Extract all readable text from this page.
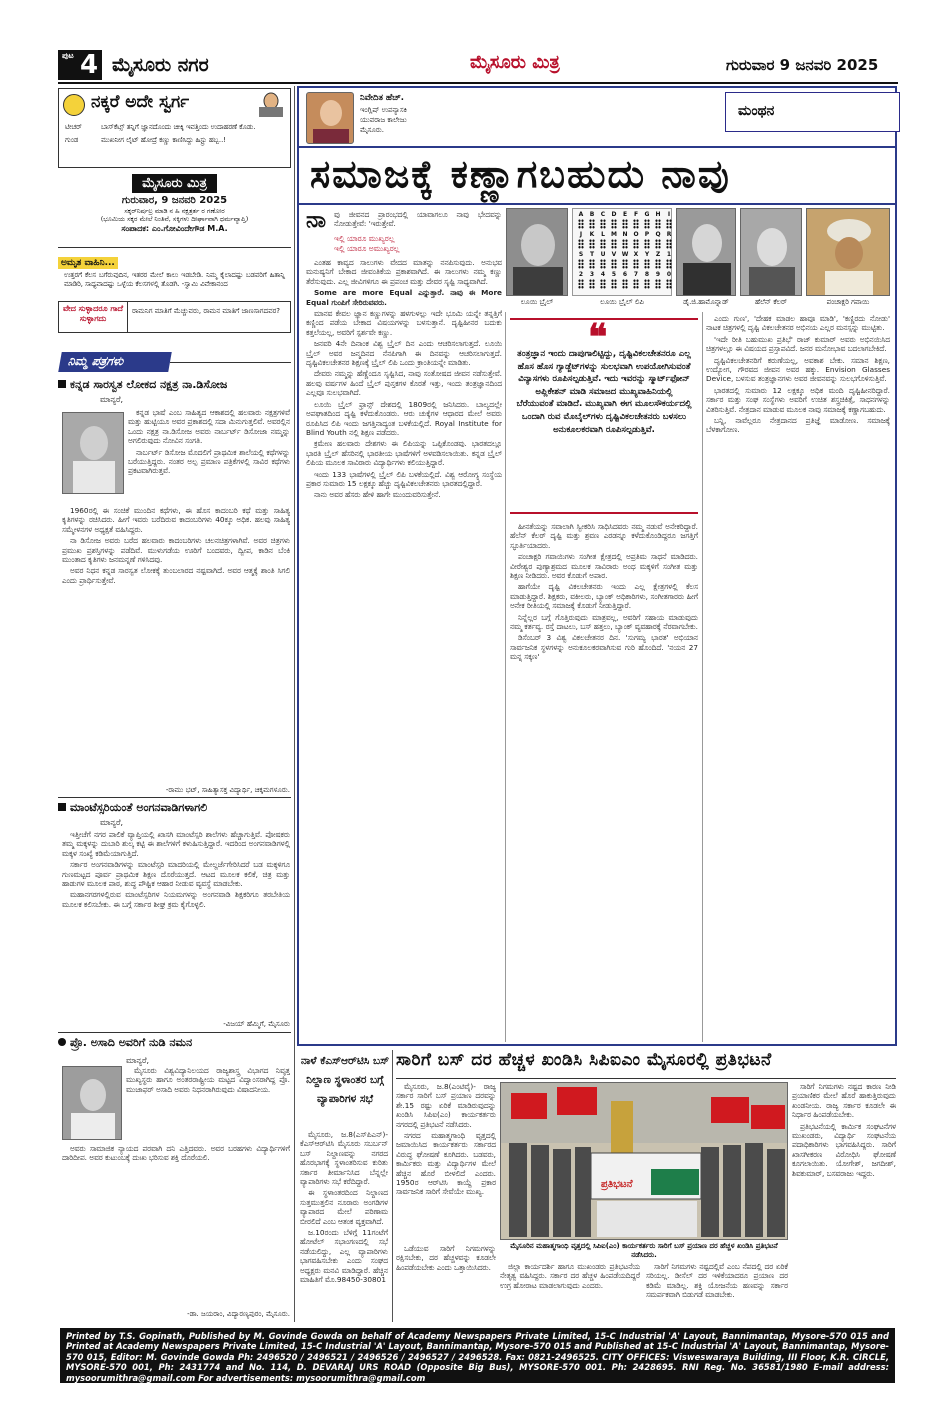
ಪುಟ 4 ಮೈಸೂರು ನಗರ	ಮೈಸೂರು ಮಿತ್ರ	ಗುರುವಾರ 9 ಜನವರಿ 2025
ನಕ್ಕರೆ ಅದೇ ಸ್ವರ್ಗ
ಟೀಚರ್	ಬಾಸ್‌ಕೆಟ್ಸ್‌ ತನ್ನಿಗೆ ಜ್ಞಾನದೊಂದು ಚೀಕ್ಕಿ ಇವತ್ತಿಂದು ಉದಾಹರಣೆ ಕೊಡು.
ಗುಂಡ	ಮುಖನೀಗ ಲೈಟ್ ಹೋದ್ರೆ ಕಣ್ಣು ಕಾಣಿಸಿದ್ದು ಹಿಸ್ಟ್ರು ಹಬ್ಬ..!
ಮೈಸೂರು ಮಿತ್ರ
ಗುರುವಾರ, 9 ಜನವರಿ 2025
ಸಕ್ಕರ್‌ನಿರ್ಷಲ್ರ ಮಾಡಿ ನ ಹಿ ನಕ್ಷತ್ರರ್ತ ರ ಗಣೋರ
(ಭೂಮಿಯ ಸಕ್ಕರ ಮೇಲೆ ನಿಂತಿವೆ, ಸಕ್ಕಿಗಳು ದೀರ್ಘಾವಾಗಿ ಧರ್ಮವ್ಯಾಪ್ತಿ)
ಸಂಪಾದಕ: ಎಂ.ಗೋವಿಂದೇಗೌಡ M.A.
ಅಮೃತ ವಾಹಿನಿ...
ಉತ್ತರಗೆ ಕೆಲಸ ಬಗೆರುವುದಿನ, ಇತರರ ಮೇಲೆ ಕಾಲು ಇಡಬೇಡಿ. ನಿಮ್ಮ ಕೈಲಾದಷ್ಟು ಬಡವರಿಗೆ ಹಿತಾನ್ನಿ ಮಾಡಿರಿ, ಸಾಧ್ಯವಾದಷ್ಟು ಒಳ್ಳೆಯ ಕೆಲಸಗಳಲ್ಲಿ ತೊಡಗಿ. -ಸ್ವಾಮಿ ವಿವೇಕಾನಂದ
ವೇದ ಸುಳ್ಳಾದರೂ ಗಾದೆ ಸುಳ್ಳಾಗದು
ರಾಮನಿಗ ಮಾತಿಗೆ ಮೆಚ್ಚುವರು, ರಾಮನ ಮಾತಿಗೆ ಜಾಣಸಾಗದವರ?
ನಿಮ್ಮ ಪತ್ರಗಳು
ಕನ್ನಡ ಸಾರಸ್ವತ ಲೋಕದ ನಕ್ಷತ್ರ ನಾ.ಡಿಸೋಜ
ಮಾನ್ಯರೆ,

ಕನ್ನಡ ಭಾಷೆ ಎಂಬ ಸಾಹಿತ್ಯದ ಆಕಾಶದಲ್ಲಿ ಹಲವಾರು ನಕ್ಷತ್ರಗಳಿವೆ ಮತ್ತು ಹುಟ್ಟಿಯೂ ಅವರ ಪ್ರಕಾಶದಲ್ಲಿ ಸದಾ ಮಿನುಗುತ್ತಲಿವೆ. ಅವರಲ್ಲಿನ ಒಂದು ನಕ್ಷತ್ರ ನಾ.ಡಿಸೋಜ ಅವರು ನಾರ್ಬರ್ಟ್ ಡಿಸೋಜಾ ನಮ್ಮನ್ನು ಅಗಲಿರುವುದು ನೋವಿನ ಸಂಗತಿ.

ನಾರ್ಬರ್ಟ್ ಡಿಸೋಜ ಮೊದಲಿಗೆ ಪ್ರಾಥಮಿಕ ಶಾಲೆಯಲ್ಲಿ ಕಥೆಗಳನ್ನು ಬರೆಯುತ್ತಿದ್ದರು. ನಂತರ ಅಲ್ಪ ಪ್ರಮಾಣ ಪತ್ರಿಕೆಗಳಲ್ಲಿ ಸಾವಿರ ಕಥೆಗಳು ಪ್ರಕಟವಾಗಿರುತ್ತವೆ.

1960ರಲ್ಲಿ ಈ ಸಂಚಿಕೆ ಮುಂದಿನ ಕಥೆಗಳು, ಈ ಹೊಸ ಕಾದಂಬರಿ ಕಥೆ ಮತ್ತು ಸಾಹಿತ್ಯ ಕೃತಿಗಳನ್ನು ರಚಿಸಿದರು. ಹೀಗೆ ಇವರು ಬರೆದಿರುವ ಕಾದಂಬರಿಗಳು 40ಕ್ಕೂ ಅಧಿಕ. ಹಲವು ಸಾಹಿತ್ಯ ಸಮ್ಮೇಳನಗಳ ಅಧ್ಯಕ್ಷತೆ ವಹಿಸಿದ್ದರು.

ನಾ ಡಿಸೋಜ ಅವರು ಬರೆದ ಹಲವಾರು ಕಾದಂಬರಿಗಳು ಚಲನಚಿತ್ರಗಳಾಗಿವೆ. ಅವರ ಚಿತ್ರಗಳು ಪ್ರಮುಖ ಪ್ರಶಸ್ತಿಗಳನ್ನು ಪಡೆದಿವೆ. ಮುಳುಗಡೆಯ ಊರಿಗೆ ಬಂದವರು, ದ್ವೀಪ, ಕಾಡಿನ ಬೆಂಕಿ ಮುಂತಾದ ಕೃತಿಗಳು ಜನಮನ್ನಣೆ ಗಳಿಸಿದವು.

ಅವರ ನಿಧನ ಕನ್ನಡ ಸಾರಸ್ವತ ಲೋಕಕ್ಕೆ ತುಂಬಲಾರದ ನಷ್ಟವಾಗಿದೆ. ಅವರ ಆತ್ಮಕ್ಕೆ ಶಾಂತಿ ಸಿಗಲಿ ಎಂದು ಪ್ರಾರ್ಥಿಸುತ್ತೇವೆ.

-ರಾಮು ಭಟ್, ಸಾಹಿತ್ಯಾಸಕ್ತ ವಿದ್ಯಾರ್ಥಿ, ಚಿಕ್ಕಮಗಳೂರು.
ಮಾಂಟೆಸ್ಸರಿಯಂತೆ ಅಂಗನವಾಡಿಗಳಾಗಲಿ
ಮಾನ್ಯರೆ,

ಇತ್ತೀಚೆಗೆ ನಗರ ಪಾಲಿಕೆ ವ್ಯಾಪ್ತಿಯಲ್ಲಿ ಖಾಸಗಿ ಮಾಂಟೆಸ್ಸರಿ ಶಾಲೆಗಳು ಹೆಚ್ಚಾಗುತ್ತಿವೆ. ಪೋಷಕರು ತಮ್ಮ ಮಕ್ಕಳನ್ನು ದುಬಾರಿ ಶುಲ್ಕ ಕಟ್ಟಿ ಈ ಶಾಲೆಗಳಿಗೆ ಕಳುಹಿಸುತ್ತಿದ್ದಾರೆ. ಇದರಿಂದ ಅಂಗನವಾಡಿಗಳಲ್ಲಿ ಮಕ್ಕಳ ಸಂಖ್ಯೆ ಕಡಿಮೆಯಾಗುತ್ತಿದೆ.

ಸರ್ಕಾರ ಅಂಗನವಾಡಿಗಳನ್ನು ಮಾಂಟೆಸ್ಸರಿ ಮಾದರಿಯಲ್ಲಿ ಮೇಲ್ದರ್ಜೆಗೇರಿಸಿದರೆ ಬಡ ಮಕ್ಕಳಿಗೂ ಗುಣಮಟ್ಟದ ಪೂರ್ವ ಪ್ರಾಥಮಿಕ ಶಿಕ್ಷಣ ದೊರೆಯುತ್ತದೆ. ಆಟದ ಮೂಲಕ ಕಲಿಕೆ, ಚಿತ್ರ ಮತ್ತು ಹಾಡುಗಳ ಮೂಲಕ ಪಾಠ, ಶುದ್ಧ ಪೌಷ್ಟಿಕ ಆಹಾರ ನೀಡುವ ವ್ಯವಸ್ಥೆ ಮಾಡಬೇಕು.

ಮಹಾನಗರಗಳಲ್ಲಿರುವ ಮಾಂಟೆಸ್ಸರಿಗಳ ನಿಯಮಗಳನ್ನು ಅಂಗನವಾಡಿ ಶಿಕ್ಷಕರಿಗೂ ತರಬೇತಿಯ ಮೂಲಕ ಕಲಿಸಬೇಕು. ಈ ಬಗ್ಗೆ ಸರ್ಕಾರ ಶೀಘ್ರ ಕ್ರಮ ಕೈಗೊಳ್ಳಲಿ.

-ವಿಜಯ್ ಹೆಮ್ಮಿಗೆ, ಮೈಸೂರು
ಪ್ರೊ. ಅಸಾದಿ ಅವರಿಗೆ ನುಡಿ ನಮನ
ಮಾನ್ಯರೆ,

ಮೈಸೂರು ವಿಶ್ವವಿದ್ಯಾನಿಲಯದ ರಾಜ್ಯಶಾಸ್ತ್ರ ವಿಭಾಗದ ನಿವೃತ್ತ ಮುಖ್ಯಸ್ಥರು ಹಾಗೂ ಅಂತರರಾಷ್ಟ್ರೀಯ ಮಟ್ಟದ ವಿದ್ವಾಂಸರಾಗಿದ್ದ ಪ್ರೊ. ಮುಜಾಫರ್ ಅಸಾದಿ ಅವರು ನಿಧನರಾಗಿರುವುದು ವಿಷಾದನೀಯ.

ಅವರು ಸಾಮಾಜಿಕ ನ್ಯಾಯದ ಪರವಾಗಿ ದನಿ ಎತ್ತಿದವರು. ಅವರ ಬರಹಗಳು ವಿದ್ಯಾರ್ಥಿಗಳಿಗೆ ದಾರಿದೀಪ. ಅವರ ಕುಟುಂಬಕ್ಕೆ ದುಃಖ ಭರಿಸುವ ಶಕ್ತಿ ದೊರೆಯಲಿ.

-ಡಾ. ಜಯರಾಂ, ವಿದ್ಯಾರಣ್ಯಪುರಂ, ಮೈಸೂರು.
ನಿವೇದಿತ ಹೆಚ್.
ಇಂಗ್ಲಿಷ್ ಉಪನ್ಯಾಸಕಿ
ಯುವರಾಜ ಕಾಲೇಜು
ಮೈಸೂರು.
ಮಂಥನ
ಸಮಾಜಕ್ಕೆ ಕಣ್ಣಾಗಬಹುದು ನಾವು
ನಾ ವು ಜೀವನದ ಪ್ರಾರಂಭದಲ್ಲಿ ಯಾವಾಗಲೂ ನಾವು ಭೇದವನ್ನು ನೋಡುತ್ತೇವೆ: 'ಇರುತ್ತೇವೆ.
ಇಲ್ಲಿ ಯಾರೂ ಮುಖ್ಯರಲ್ಲ
ಇಲ್ಲಿ ಯಾರೂ ಅಮುಖ್ಯರಲ್ಲ
A	B	C	D	E	F	G	H	I
J	K	L	M N O	P	Q	R
S	T	U	V W X	Y	Z	1
2	3	4	5	6	7	8	9	0
ಲೂಯಿ ಬ್ರೈಲ್	ಲೂಯಿ ಬ್ರೈಲ್ ಲಿಪಿ	ಡೈ.ಜಿ.ಹಾಮೊನ್ನಾಡ್	ಹೆಲೆನ್ ಕೆಲರ್	ಪಂಚಾಕ್ಷರಿ ಗವಾಯಿ

ಎಂತಹ ಕಾವ್ಯದ ಸಾಲುಗಳು ವೇದದ ಮಾತನ್ನು ನನಪಿಸುವುದು. ಅನುಭವ ಮನುಷ್ಯನಿಗೆ ಬೇಕಾದ ಜೀವಂತಿಕೆಯ ಪ್ರಕಾಶವಾಗಿದೆ. ಈ ಸಾಲುಗಳು ನಮ್ಮ ಕಣ್ಣು ತೆರೆಸುವುದು. ಎಲ್ಲ ಜೀವಿಗಳಿಗೂ ಈ ಪ್ರಪಂಚ ಮತ್ತು ದೇವರ ಸೃಷ್ಟಿ ಸಾಧ್ಯವಾಗಿದೆ.

Some are more Equal ಎನ್ನುತ್ತಾರೆ. ನಾವು ಈ More Equal ಗುಂಪಿಗೆ ಸೇರಿರುವವರು.

ಮಾನವ ಕೇವಲ ಜ್ಞಾನ ಕಣ್ಣುಗಳನ್ನು ಹಳಗುಳಲ್ಲು ಇದೇ ಭೂಮಿ ಯನ್ನೇ ತನ್ನತ್ತಿಗೆ ಕಣ್ಣಿಂದ ಪಡೆಯ ಬೇಕಾದ ವಿಷಯಗಳನ್ನು ಬಳಸುತ್ತಾನೆ. ದೃಷ್ಟಿಹೀನರ ಬದುಕು ಕತ್ತಲೆಯಲ್ಲ, ಅವರಿಗೆ ಸ್ಪರ್ಶವೇ ಕಣ್ಣು.

ಜನವರಿ 4ನೇ ದಿನಾಂಕ ವಿಶ್ವ ಬ್ರೈಲ್ ದಿನ ಎಂದು ಆಚರಿಸಲಾಗುತ್ತದೆ. ಲೂಯಿ ಬ್ರೈಲ್ ಅವರ ಜನ್ಮದಿನದ ನೆನಪಿಗಾಗಿ ಈ ದಿನವನ್ನು ಆಚರಿಸಲಾಗುತ್ತದೆ. ದೃಷ್ಟಿವಿಕಲಚೇತನರ ಶಿಕ್ಷಣಕ್ಕೆ ಬ್ರೈಲ್ ಲಿಪಿ ಒಂದು ಕ್ರಾಂತಿಯನ್ನೇ ಮಾಡಿತು.

ದೇವರು ನಮ್ಮನ್ನು ಹೆಣ್ಣೆಂದೂ ಸೃಷ್ಟಿಸಿದ, ನಾವು ಸಂತೋಷದ ಜೀವನ ನಡೆಸುತ್ತೇವೆ. ಹಲವು ವರ್ಷಗಳ ಹಿಂದೆ ಬ್ರೈಲ್ ಪುಸ್ತಕಗಳ ಕೊರತೆ ಇತ್ತು, ಇಂದು ತಂತ್ರಜ್ಞಾನದಿಂದ ಎಲ್ಲವೂ ಸುಲಭವಾಗಿದೆ.

ಲೂಯಿ ಬ್ರೈಲ್ ಫ್ರಾನ್ಸ್ ದೇಶದಲ್ಲಿ 1809ರಲ್ಲಿ ಜನಿಸಿದರು. ಬಾಲ್ಯದಲ್ಲೇ ಅಪಘಾತದಿಂದ ದೃಷ್ಟಿ ಕಳೆದುಕೊಂಡರು. ಆರು ಚುಕ್ಕೆಗಳ ಆಧಾರದ ಮೇಲೆ ಅವರು ರೂಪಿಸಿದ ಲಿಪಿ ಇಂದು ಜಗತ್ತಿನಾದ್ಯಂತ ಬಳಕೆಯಲ್ಲಿದೆ. Royal Institute for Blind Youth ನಲ್ಲಿ ಶಿಕ್ಷಣ ಪಡೆದರು.

ಕ್ರಮೇಣ ಹಲವಾರು ದೇಶಗಳು ಈ ಲಿಪಿಯನ್ನು ಒಪ್ಪಿಕೊಂಡವು. ಭಾರತದಲ್ಲೂ ಭಾರತಿ ಬ್ರೈಲ್ ಹೆಸರಿನಲ್ಲಿ ಭಾರತೀಯ ಭಾಷೆಗಳಿಗೆ ಅಳವಡಿಸಲಾಯಿತು. ಕನ್ನಡ ಬ್ರೈಲ್ ಲಿಪಿಯ ಮೂಲಕ ಸಾವಿರಾರು ವಿದ್ಯಾರ್ಥಿಗಳು ಕಲಿಯುತ್ತಿದ್ದಾರೆ.

ಇಂದು 133 ಭಾಷೆಗಳಲ್ಲಿ ಬ್ರೈಲ್ ಲಿಪಿ ಬಳಕೆಯಲ್ಲಿದೆ. ವಿಶ್ವ ಆರೋಗ್ಯ ಸಂಸ್ಥೆಯ ಪ್ರಕಾರ ಸುಮಾರು 15 ಲಕ್ಷಕ್ಕೂ ಹೆಚ್ಚು ದೃಷ್ಟಿವಿಕಲಚೇತನರು ಭಾರತದಲ್ಲಿದ್ದಾರೆ.

ನಾನು ಅವರ ಹೆಸರು ಹೇಳಿ ಹಾಗೇ ಮುಂದುವರಿಸುತ್ತೇನೆ.

❝
ತಂತ್ರಜ್ಞಾನ ಇಂದು ದಾಪುಗಾಲಿಟ್ಟಿದ್ದು, ದೃಷ್ಟಿವಿಕಲಚೇತನರೂ ಎಲ್ಲ ಹೊಸ ಹೊಸ ಗ್ಯಾಡ್ಜೆಟ್‌ಗಳನ್ನು ಸುಲಭವಾಗಿ ಉಪಯೋಗಿಸುವಂತೆ ವಿನ್ಯಾಸಗಳು ರೂಪಿಸಲ್ಪಡುತ್ತಿವೆ. ಇದು ಇವರನ್ನು ಸ್ಮಾರ್ಟ್‌ಫೋನ್ ಅಪ್ಲಿಕೇಶನ್ ಮಾಡಿ ಸಮಾಜದ ಮುಖ್ಯವಾಹಿನಿಯಲ್ಲಿ ಬೆರೆಯುವಂತೆ ಮಾಡಿದೆ. ಮುಖ್ಯವಾಗಿ ಈಗ ಮೂಲಸೌಕರ್ಯದಲ್ಲಿ ಒಂದಾಗಿ ರುವ ಮೊಬೈಲ್‌ಗಳು ದೃಷ್ಟಿವಿಕಲಚೇತನರು ಬಳಸಲು ಅನುಕೂಲಕರವಾಗಿ ರೂಪಿಸಲ್ಪಡುತ್ತಿವೆ.

ಹೀನತೆಯನ್ನು ಸವಾಲಾಗಿ ಸ್ವೀಕರಿಸಿ ಸಾಧಿಸಿದವರು ನಮ್ಮ ನಡುವೆ ಅನೇಕರಿದ್ದಾರೆ. ಹೆಲೆನ್ ಕೆಲರ್ ದೃಷ್ಟಿ ಮತ್ತು ಶ್ರವಣ ಎರಡನ್ನೂ ಕಳೆದುಕೊಂಡಿದ್ದರೂ ಜಗತ್ತಿಗೆ ಸ್ಫೂರ್ತಿಯಾದರು.

ಪಂಚಾಕ್ಷರಿ ಗವಾಯಿಗಳು ಸಂಗೀತ ಕ್ಷೇತ್ರದಲ್ಲಿ ಅಪ್ರತಿಮ ಸಾಧನೆ ಮಾಡಿದರು. ವೀರೇಶ್ವರ ಪುಣ್ಯಾಶ್ರಮದ ಮೂಲಕ ಸಾವಿರಾರು ಅಂಧ ಮಕ್ಕಳಿಗೆ ಸಂಗೀತ ಮತ್ತು ಶಿಕ್ಷಣ ನೀಡಿದರು. ಅವರ ಕೊಡುಗೆ ಅಪಾರ.

ಹಾಗೆಯೇ ದೃಷ್ಟಿ ವಿಕಲಚೇತನರು ಇಂದು ಎಲ್ಲ ಕ್ಷೇತ್ರಗಳಲ್ಲಿ ಕೆಲಸ ಮಾಡುತ್ತಿದ್ದಾರೆ. ಶಿಕ್ಷಕರು, ವಕೀಲರು, ಬ್ಯಾಂಕ್ ಅಧಿಕಾರಿಗಳು, ಸಂಗೀತಗಾರರು ಹೀಗೆ ಅನೇಕ ರೀತಿಯಲ್ಲಿ ಸಮಾಜಕ್ಕೆ ಕೊಡುಗೆ ನೀಡುತ್ತಿದ್ದಾರೆ.

ನಿನ್ನೆಲ್ಲರ ಬಗ್ಗೆ ಗೊತ್ತಿರುವುದು ಮಾತ್ರವಲ್ಲ, ಅವರಿಗೆ ಸಹಾಯ ಮಾಡುವುದು ನಮ್ಮ ಕರ್ತವ್ಯ. ರಸ್ತೆ ದಾಟಲು, ಬಸ್ ಹತ್ತಲು, ಬ್ಯಾಂಕ್ ವ್ಯವಹಾರಕ್ಕೆ ನೆರವಾಗಬೇಕು.

ಡಿಸೆಂಬರ್ 3 ವಿಶ್ವ ವಿಕಲಚೇತನರ ದಿನ. 'ಸುಗಮ್ಯ ಭಾರತ' ಅಭಿಯಾನ ಸಾರ್ವಜನಿಕ ಸ್ಥಳಗಳನ್ನು ಅನುಕೂಲಕರವಾಗಿಸುವ ಗುರಿ ಹೊಂದಿದೆ. 'ನಯನ 27 ಮನ್ನ ಸಕ್ಕಣ'

ಎಂದು ಗುಣ', 'ದೇಹಕ ಮಾಡಲ ಹಾವೂ ಮಾಡಿ', 'ಕಣ್ಣಿರದು ನೋಡು' ನಾಟಕ ಚಿತ್ರಗಳಲ್ಲಿ ದೃಷ್ಟಿ ವಿಕಲಚೇತನರ ಅಭಿನಯ ಎಲ್ಲರ ಮನಸ್ಸನ್ನು ಮುಟ್ಟಿತು.

'ಇದೇ ರೀತಿ ಬಹುಮುಖ ಪ್ರತಿಭೆ' ರಾಜ್ ಕುಮಾರ್ ಅವರು ಅಭಿನಯಿಸಿದ ಚಿತ್ರಗಳಲ್ಲೂ ಈ ವಿಷಯದ ಪ್ರಸ್ತಾಪವಿದೆ. ಜನರ ಮನೋಭಾವ ಬದಲಾಗಬೇಕಿದೆ.

ದೃಷ್ಟಿವಿಕಲಚೇತನರಿಗೆ ಕರುಣೆಯಲ್ಲ, ಅವಕಾಶ ಬೇಕು. ಸಮಾನ ಶಿಕ್ಷಣ, ಉದ್ಯೋಗ, ಗೌರವದ ಜೀವನ ಅವರ ಹಕ್ಕು. Envision Glasses Device, ಬಳಸುವ ತಂತ್ರಜ್ಞಾನಗಳು ಅವರ ಜೀವನವನ್ನು ಸುಲಭಗೊಳಿಸುತ್ತಿವೆ.

ಭಾರತದಲ್ಲಿ ಸುಮಾರು 12 ಲಕ್ಷಕ್ಕೂ ಅಧಿಕ ಮಂದಿ ದೃಷ್ಟಿಹೀನರಿದ್ದಾರೆ. ಸರ್ಕಾರ ಮತ್ತು ಸಂಘ ಸಂಸ್ಥೆಗಳು ಅವರಿಗೆ ಉಚಿತ ಶಸ್ತ್ರಚಿಕಿತ್ಸೆ, ಸಾಧನಗಳನ್ನು ವಿತರಿಸುತ್ತಿವೆ. ನೇತ್ರದಾನ ಮಾಡುವ ಮೂಲಕ ನಾವು ಸಮಾಜಕ್ಕೆ ಕಣ್ಣಾಗಬಹುದು.

ಬನ್ನಿ, ನಾವೆಲ್ಲರೂ ನೇತ್ರದಾನದ ಪ್ರತಿಜ್ಞೆ ಮಾಡೋಣ. ಸಮಾಜಕ್ಕೆ ಬೆಳಕಾಗೋಣ.

ನಾಳೆ ಕೆಎಸ್‌ಆರ್‌ಟಿಸಿ ಬಸ್ ನಿಲ್ದಾಣ ಸ್ಥಳಾಂತರ ಬಗ್ಗೆ ವ್ಯಾಪಾರಿಗಳ ಸಭೆ

ಮೈಸೂರು, ಜ.8(ಎಸ್‌ಪಿಎನ್)- ಕೆಎಸ್‌ಆರ್‌ಟಿಸಿ ಮೈಸೂರು ಸಬರ್ಬನ್ ಬಸ್ ನಿಲ್ದಾಣವನ್ನು ನಗರದ ಹೊರಭಾಗಕ್ಕೆ ಸ್ಥಳಾಂತರಿಸುವ ಕುರಿತು ಸರ್ಕಾರ ತೀರ್ಮಾನಿಸಿದ ಬೆನ್ನಲ್ಲೇ ವ್ಯಾಪಾರಿಗಳು ಸಭೆ ಕರೆದಿದ್ದಾರೆ.

ಈ ಸ್ಥಳಾಂತರದಿಂದ ನಿಲ್ದಾಣದ ಸುತ್ತಮುತ್ತಲಿನ ನೂರಾರು ಅಂಗಡಿಗಳ ವ್ಯಾಪಾರದ ಮೇಲೆ ಪರಿಣಾಮ ಬೀರಲಿದೆ ಎಂಬ ಆತಂಕ ವ್ಯಕ್ತವಾಗಿದೆ.

ಜ.10ರಂದು ಬೆಳಿಗ್ಗೆ 11ಗಂಟೆಗೆ ಹೋಟೆಲ್ ಸಭಾಂಗಣದಲ್ಲಿ ಸಭೆ ನಡೆಯಲಿದ್ದು, ಎಲ್ಲ ವ್ಯಾಪಾರಿಗಳು ಭಾಗವಹಿಸಬೇಕು ಎಂದು ಸಂಘದ ಅಧ್ಯಕ್ಷರು ಮನವಿ ಮಾಡಿದ್ದಾರೆ. ಹೆಚ್ಚಿನ ಮಾಹಿತಿಗೆ ಮೊ.98450-30801

ಸಾರಿಗೆ ಬಸ್ ದರ ಹೆಚ್ಚಳ ಖಂಡಿಸಿ ಸಿಪಿಐಎಂ ಮೈಸೂರಲ್ಲಿ ಪ್ರತಿಭಟನೆ

ಮೈಸೂರು, ಜ.8(ಎಂಟಿವೈ)- ರಾಜ್ಯ ಸರ್ಕಾರ ಸಾರಿಗೆ ಬಸ್ ಪ್ರಯಾಣ ದರವನ್ನು ಶೇ.15 ರಷ್ಟು ಏರಿಕೆ ಮಾಡಿರುವುದನ್ನು ಖಂಡಿಸಿ ಸಿಪಿಐ(ಎಂ) ಕಾರ್ಯಕರ್ತರು ನಗರದಲ್ಲಿ ಪ್ರತಿಭಟನೆ ನಡೆಸಿದರು.

ನಗರದ ಮಹಾತ್ಮಗಾಂಧಿ ವೃತ್ತದಲ್ಲಿ ಜಮಾಯಿಸಿದ ಕಾರ್ಯಕರ್ತರು ಸರ್ಕಾರದ ವಿರುದ್ಧ ಘೋಷಣೆ ಕೂಗಿದರು. ಬಡವರು, ಕಾರ್ಮಿಕರು ಮತ್ತು ವಿದ್ಯಾರ್ಥಿಗಳ ಮೇಲೆ ಹೆಚ್ಚಿನ ಹೊರೆ ಬೀಳಲಿದೆ ಎಂದರು. 1950ರ ಆರ್‌ಟಿಸಿ ಕಾಯ್ದೆ ಪ್ರಕಾರ ಸಾರ್ವಜನಿಕ ಸಾರಿಗೆ ಸೇವೆಯೇ ಮುಖ್ಯ.

ಪ್ರತಿಭಟನೆ
ಮೈಸೂರಿನ ಮಹಾತ್ಮಗಾಂಧಿ ವೃತ್ತದಲ್ಲಿ ಸಿಪಿಐ(ಎಂ) ಕಾರ್ಯಕರ್ತರು ಸಾರಿಗೆ ಬಸ್ ಪ್ರಯಾಣ ದರ ಹೆಚ್ಚಳ ಖಂಡಿಸಿ ಪ್ರತಿಭಟನೆ ನಡೆಸಿದರು.

ಒಡೆಯುವ ಸಾರಿಗೆ ನಿಗಮಗಳನ್ನು ರಕ್ಷಿಸಬೇಕು, ದರ ಹೆಚ್ಚಳವನ್ನು ಕೂಡಲೇ ಹಿಂಪಡೆಯಬೇಕು ಎಂದು ಒತ್ತಾಯಿಸಿದರು.	ಜಿಲ್ಲಾ ಕಾರ್ಯದರ್ಶಿ ಹಾಗೂ ಮುಖಂಡರು ಪ್ರತಿಭಟನೆಯ ನೇತೃತ್ವ ವಹಿಸಿದ್ದರು. ಸರ್ಕಾರ ದರ ಹೆಚ್ಚಳ ಹಿಂಪಡೆಯದಿದ್ದರೆ ಉಗ್ರ ಹೋರಾಟ ಮಾಡಲಾಗುವುದು ಎಂದರು.

ಸಾರಿಗೆ ನಿಗಮಗಳು ನಷ್ಟದಲ್ಲಿವೆ ಎಂಬ ನೆಪದಲ್ಲಿ ದರ ಏರಿಕೆ ಸರಿಯಲ್ಲ. ಡೀಸೆಲ್ ದರ ಇಳಿಕೆಯಾದರೂ ಪ್ರಯಾಣ ದರ ಕಡಿಮೆ ಮಾಡಿಲ್ಲ. ಶಕ್ತಿ ಯೋಜನೆಯ ಹಣವನ್ನು ಸರ್ಕಾರ ಸಮರ್ಪಕವಾಗಿ ಬಿಡುಗಡೆ ಮಾಡಬೇಕು.

ಸಾರಿಗೆ ನಿಗಮಗಳು ನಷ್ಟದ ಕಾರಣ ನೀಡಿ ಪ್ರಯಾಣಿಕರ ಮೇಲೆ ಹೊರೆ ಹಾಕುತ್ತಿರುವುದು ಖಂಡನೀಯ. ರಾಜ್ಯ ಸರ್ಕಾರ ಕೂಡಲೇ ಈ ನಿರ್ಧಾರ ಹಿಂಪಡೆಯಬೇಕು.

ಪ್ರತಿಭಟನೆಯಲ್ಲಿ ಕಾರ್ಮಿಕ ಸಂಘಟನೆಗಳ ಮುಖಂಡರು, ವಿದ್ಯಾರ್ಥಿ ಸಂಘಟನೆಯ ಪದಾಧಿಕಾರಿಗಳು ಭಾಗವಹಿಸಿದ್ದರು. ಸಾರಿಗೆ ಖಾಸಗೀಕರಣ ವಿರೋಧಿಸಿ ಘೋಷಣೆ ಕೂಗಲಾಯಿತು. ಯೋಗೇಶ್, ಜಗದೀಶ್, ಶಿವಕುಮಾರ್, ಬಸವರಾಜು ಇದ್ದರು.

Printed by T.S. Gopinath, Published by M. Govinde Gowda on behalf of Academy Newspapers Private Limited, 15-C Industrial 'A' Layout, Bannimantap, Mysore-570 015 and Printed at Academy Newspapers Private Limited, 15-C Industrial 'A' Layout, Bannimantap, Mysore-570 015 and Published at 15-C Industrial 'A' Layout, Bannimantap, Mysore-570 015, Editor: M. Govinde Gowda Ph: 2496520 / 2496521 / 2496526 / 2496527 / 2496528. Fax: 0821-2496525. CITY OFFICES: Visweswaraya Building, III Floor, K.R. CIRCLE, MYSORE-570 001, Ph: 2431774 and No. 114, D. DEVARAJ URS ROAD (Opposite Big Bus), MYSORE-570 001. Ph: 2428695. RNI Reg. No. 36581/1980 E-mail address: mysoorumithra@gmail.com For advertisements: mysoorumithra@gmail.com
